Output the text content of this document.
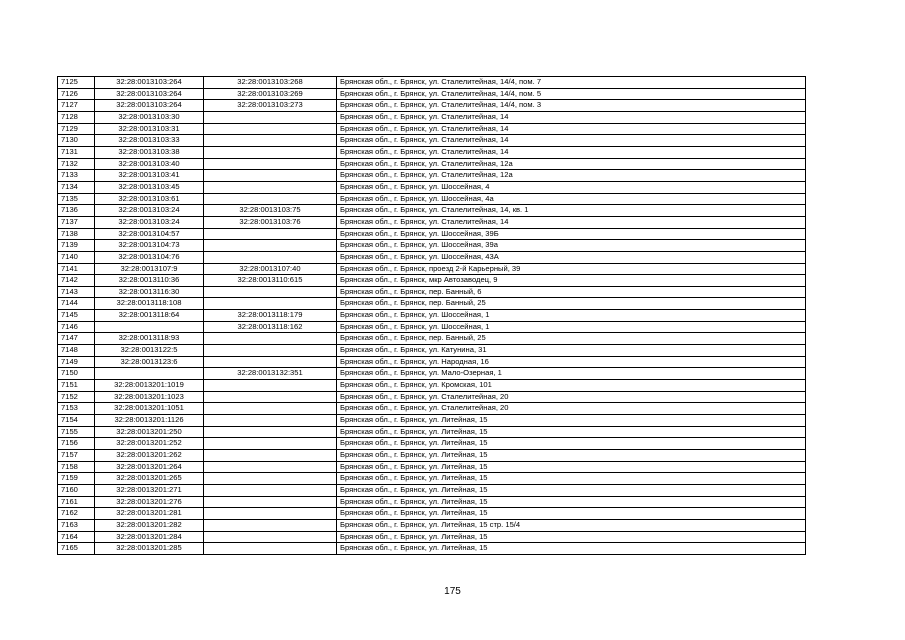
7125	32:28:0013103:264	32:28:0013103:268	Брянская обл., г. Брянск, ул. Сталелитейная, 14/4, пом. 7
7126	32:28:0013103:264	32:28:0013103:269	Брянская обл., г. Брянск, ул. Сталелитейная, 14/4, пом. 5
7127	32:28:0013103:264	32:28:0013103:273	Брянская обл., г. Брянск, ул. Сталелитейная, 14/4, пом. 3
7128	32:28:0013103:30		Брянская обл., г. Брянск, ул. Сталелитейная, 14
7129	32:28:0013103:31		Брянская обл., г. Брянск, ул. Сталелитейная, 14
7130	32:28:0013103:33		Брянская обл., г. Брянск, ул. Сталелитейная, 14
7131	32:28:0013103:38		Брянская обл., г. Брянск, ул. Сталелитейная, 14
7132	32:28:0013103:40		Брянская обл., г. Брянск, ул. Сталелитейная, 12а
7133	32:28:0013103:41		Брянская обл., г. Брянск, ул. Сталелитейная, 12а
7134	32:28:0013103:45		Брянская обл., г. Брянск, ул. Шоссейная, 4
7135	32:28:0013103:61		Брянская обл., г. Брянск, ул. Шоссейная, 4а
7136	32:28:0013103:24	32:28:0013103:75	Брянская обл., г. Брянск, ул. Сталелитейная, 14, кв. 1
7137	32:28:0013103:24	32:28:0013103:76	Брянская обл., г. Брянск, ул. Сталелитейная, 14
7138	32:28:0013104:57		Брянская обл., г. Брянск, ул. Шоссейная, 39Б
7139	32:28:0013104:73		Брянская обл., г. Брянск, ул. Шоссейная, 39а
7140	32:28:0013104:76		Брянская обл., г. Брянск, ул. Шоссейная, 43А
7141	32:28:0013107:9	32:28:0013107:40	Брянская обл., г. Брянск, проезд 2-й Карьерный, 39
7142	32:28:0013110:36	32:28:0013110:615	Брянская обл., г. Брянск, мкр Автозаводец, 9
7143	32:28:0013116:30		Брянская обл., г. Брянск, пер. Банный, 6
7144	32:28:0013118:108		Брянская обл., г. Брянск, пер. Банный, 25
7145	32:28:0013118:64	32:28:0013118:179	Брянская обл., г. Брянск, ул. Шоссейная, 1
7146		32:28:0013118:162	Брянская обл., г. Брянск, ул. Шоссейная, 1
7147	32:28:0013118:93		Брянская обл., г. Брянск, пер. Банный, 25
7148	32:28:0013122:5		Брянская обл., г. Брянск, ул. Катунина, 31
7149	32:28:0013123:6		Брянская обл., г. Брянск, ул. Народная, 16
7150		32:28:0013132:351	Брянская обл., г. Брянск, ул. Мало-Озерная, 1
7151	32:28:0013201:1019		Брянская обл., г. Брянск, ул. Кромская, 101
7152	32:28:0013201:1023		Брянская обл., г. Брянск, ул. Сталелитейная, 20
7153	32:28:0013201:1051		Брянская обл., г. Брянск, ул. Сталелитейная, 20
7154	32:28:0013201:1126		Брянская обл., г. Брянск, ул. Литейная, 15
7155	32:28:0013201:250		Брянская обл., г. Брянск, ул. Литейная, 15
7156	32:28:0013201:252		Брянская обл., г. Брянск, ул. Литейная, 15
7157	32:28:0013201:262		Брянская обл., г. Брянск, ул. Литейная, 15
7158	32:28:0013201:264		Брянская обл., г. Брянск, ул. Литейная, 15
7159	32:28:0013201:265		Брянская обл., г. Брянск, ул. Литейная, 15
7160	32:28:0013201:271		Брянская обл., г. Брянск, ул. Литейная, 15
7161	32:28:0013201:276		Брянская обл., г. Брянск, ул. Литейная, 15
7162	32:28:0013201:281		Брянская обл., г. Брянск, ул. Литейная, 15
7163	32:28:0013201:282		Брянская обл., г. Брянск, ул. Литейная, 15 стр. 15/4
7164	32:28:0013201:284		Брянская обл., г. Брянск, ул. Литейная, 15
7165	32:28:0013201:285		Брянская обл., г. Брянск, ул. Литейная, 15
175
